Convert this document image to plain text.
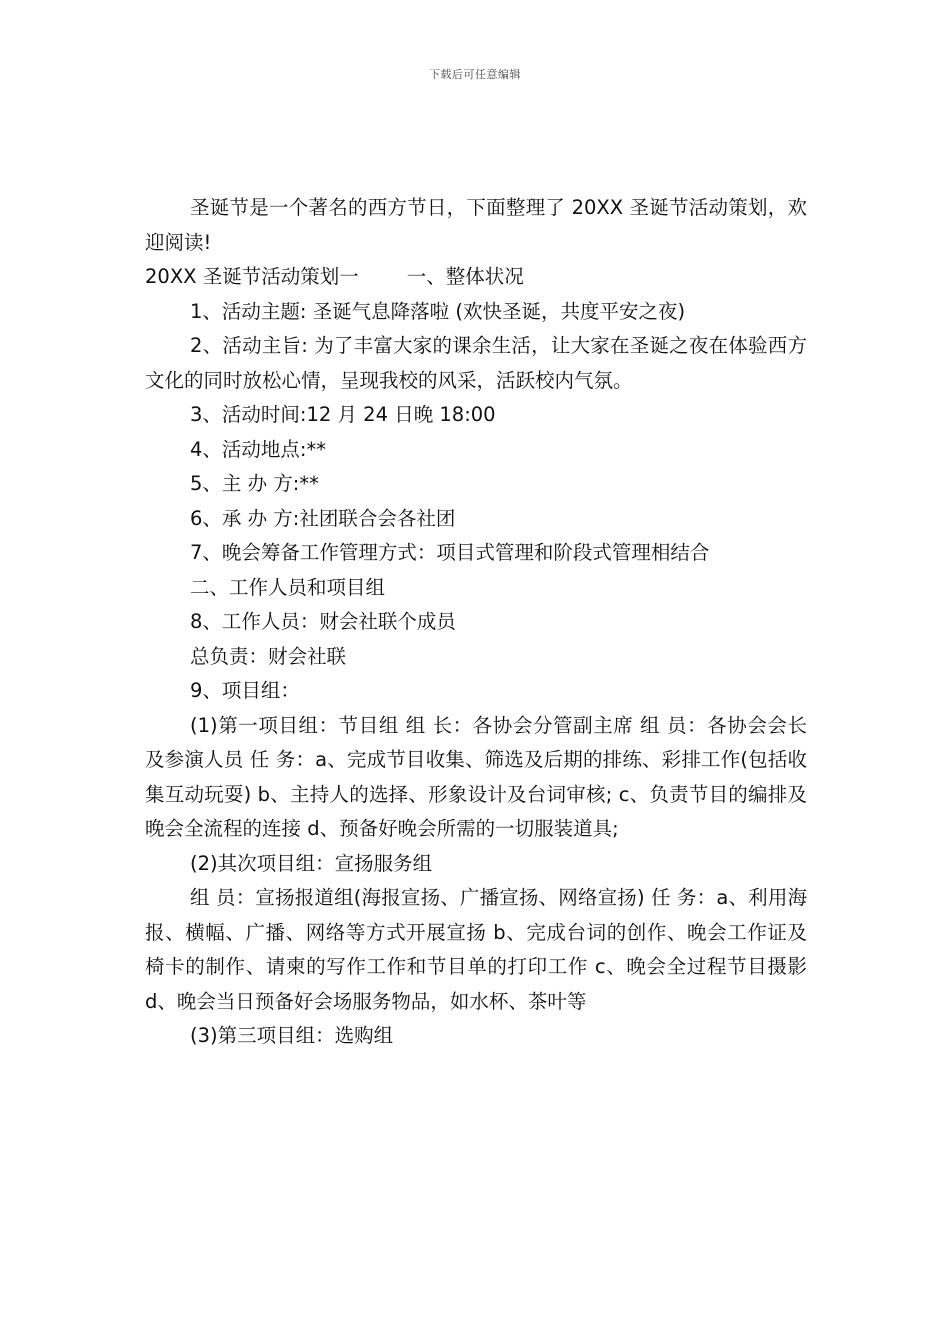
下载后可任意编辑

圣诞节是一个著名的西方节日，下面整理了 20XX 圣诞节活动策划，欢迎阅读!

20XX 圣诞节活动策划一 一、整体状况

1、活动主题: 圣诞气息降落啦 (欢快圣诞，共度平安之夜)

2、活动主旨: 为了丰富大家的课余生活，让大家在圣诞之夜在体验西方文化的同时放松心情，呈现我校的风采，活跃校内气氛。

3、活动时间:12 月 24 日晚 18:00

4、活动地点:**

5、主 办 方:**

6、承 办 方:社团联合会各社团

7、晚会筹备工作管理方式：项目式管理和阶段式管理相结合

二、工作人员和项目组

8、工作人员：财会社联个成员

总负责：财会社联

9、项目组：

(1)第一项目组：节目组 组 长：各协会分管副主席 组 员：各协会会长及参演人员 任 务：a、完成节目收集、筛选及后期的排练、彩排工作(包括收集互动玩耍) b、主持人的选择、形象设计及台词审核; c、负责节目的编排及晚会全流程的连接 d、预备好晚会所需的一切服装道具;

(2)其次项目组：宣扬服务组

组 员：宣扬报道组(海报宣扬、广播宣扬、网络宣扬) 任 务：a、利用海报、横幅、广播、网络等方式开展宣扬 b、完成台词的创作、晚会工作证及椅卡的制作、请柬的写作工作和节目单的打印工作 c、晚会全过程节目摄影 d、晚会当日预备好会场服务物品，如水杯、茶叶等

(3)第三项目组：选购组
